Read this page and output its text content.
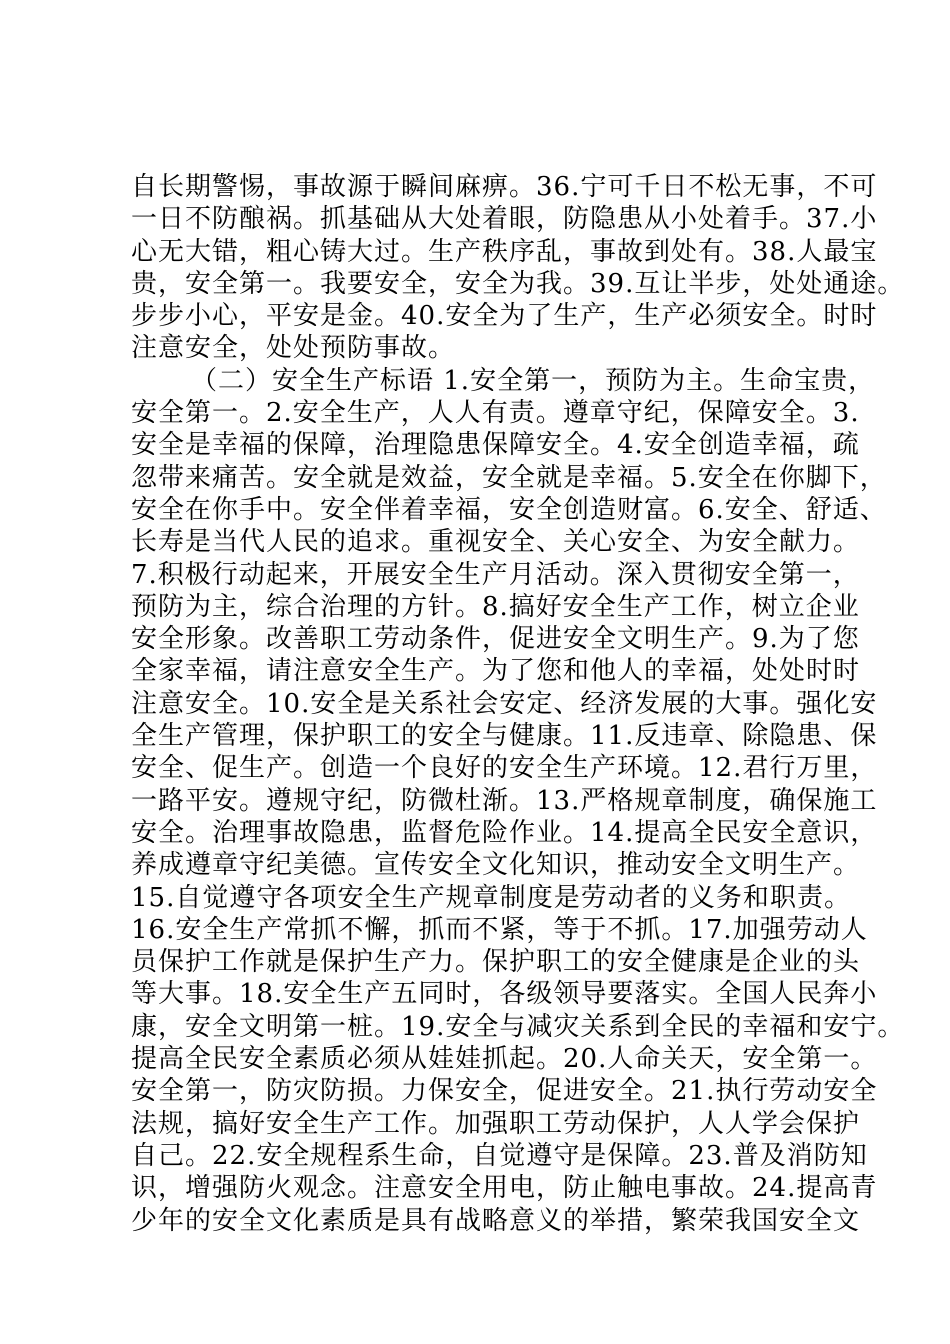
自长期警惕，事故源于瞬间麻痹。36.宁可千日不松无事，不可
一日不防酿祸。抓基础从大处着眼，防隐患从小处着手。37.小
心无大错，粗心铸大过。生产秩序乱，事故到处有。38.人最宝
贵，安全第一。我要安全，安全为我。39.互让半步，处处通途。
步步小心，平安是金。40.安全为了生产，生产必须安全。时时
注意安全，处处预防事故。
（二）安全生产标语 1.安全第一，预防为主。生命宝贵，
安全第一。2.安全生产，人人有责。遵章守纪，保障安全。3.
安全是幸福的保障，治理隐患保障安全。4.安全创造幸福，疏
忽带来痛苦。安全就是效益，安全就是幸福。5.安全在你脚下，
安全在你手中。安全伴着幸福，安全创造财富。6.安全、舒适、
长寿是当代人民的追求。重视安全、关心安全、为安全献力。
7.积极行动起来，开展安全生产月活动。深入贯彻安全第一，
预防为主，综合治理的方针。8.搞好安全生产工作，树立企业
安全形象。改善职工劳动条件，促进安全文明生产。9.为了您
全家幸福，请注意安全生产。为了您和他人的幸福，处处时时
注意安全。10.安全是关系社会安定、经济发展的大事。强化安
全生产管理，保护职工的安全与健康。11.反违章、除隐患、保
安全、促生产。创造一个良好的安全生产环境。12.君行万里，
一路平安。遵规守纪，防微杜渐。13.严格规章制度，确保施工
安全。治理事故隐患，监督危险作业。14.提高全民安全意识，
养成遵章守纪美德。宣传安全文化知识，推动安全文明生产。
15.自觉遵守各项安全生产规章制度是劳动者的义务和职责。
16.安全生产常抓不懈，抓而不紧，等于不抓。17.加强劳动人
员保护工作就是保护生产力。保护职工的安全健康是企业的头
等大事。18.安全生产五同时，各级领导要落实。全国人民奔小
康，安全文明第一桩。19.安全与减灾关系到全民的幸福和安宁。
提高全民安全素质必须从娃娃抓起。20.人命关天，安全第一。
安全第一，防灾防损。力保安全，促进安全。21.执行劳动安全
法规，搞好安全生产工作。加强职工劳动保护，人人学会保护
自己。22.安全规程系生命，自觉遵守是保障。23.普及消防知
识，增强防火观念。注意安全用电，防止触电事故。24.提高青
少年的安全文化素质是具有战略意义的举措，繁荣我国安全文
